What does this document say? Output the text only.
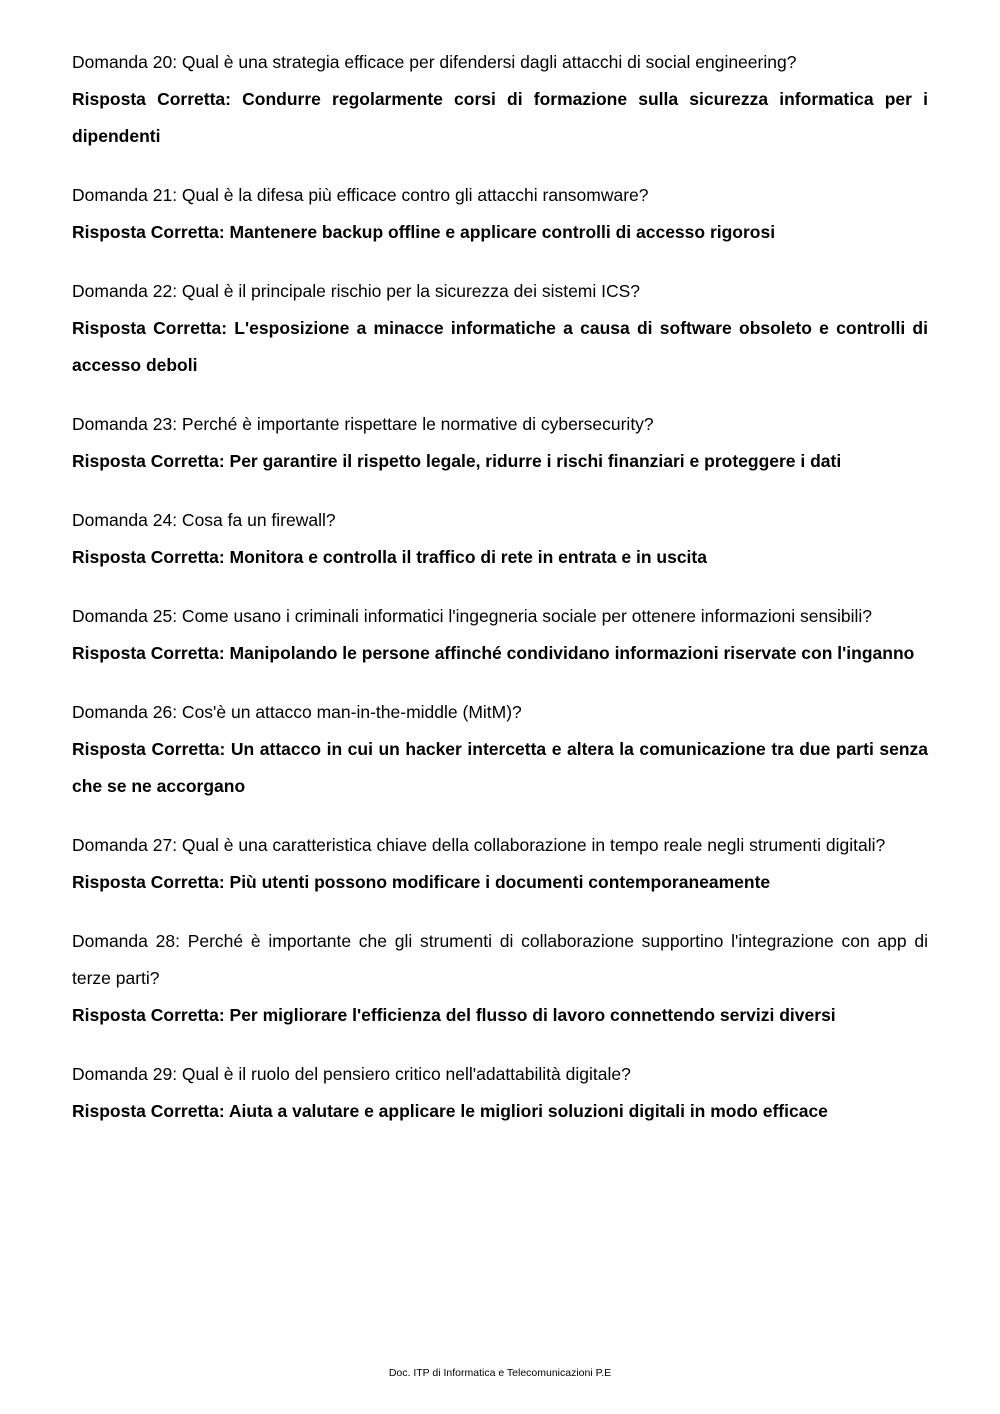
Domanda 20: Qual è una strategia efficace per difendersi dagli attacchi di social engineering?

Risposta Corretta: Condurre regolarmente corsi di formazione sulla sicurezza informatica per i dipendenti

Domanda 21: Qual è la difesa più efficace contro gli attacchi ransomware?

Risposta Corretta: Mantenere backup offline e applicare controlli di accesso rigorosi

Domanda 22: Qual è il principale rischio per la sicurezza dei sistemi ICS?

Risposta Corretta: L'esposizione a minacce informatiche a causa di software obsoleto e controlli di accesso deboli

Domanda 23: Perché è importante rispettare le normative di cybersecurity?

Risposta Corretta: Per garantire il rispetto legale, ridurre i rischi finanziari e proteggere i dati

Domanda 24: Cosa fa un firewall?

Risposta Corretta: Monitora e controlla il traffico di rete in entrata e in uscita

Domanda 25: Come usano i criminali informatici l'ingegneria sociale per ottenere informazioni sensibili?

Risposta Corretta: Manipolando le persone affinché condividano informazioni riservate con l'inganno

Domanda 26: Cos'è un attacco man-in-the-middle (MitM)?

Risposta Corretta: Un attacco in cui un hacker intercetta e altera la comunicazione tra due parti senza che se ne accorgano

Domanda 27: Qual è una caratteristica chiave della collaborazione in tempo reale negli strumenti digitali?

Risposta Corretta: Più utenti possono modificare i documenti contemporaneamente

Domanda 28: Perché è importante che gli strumenti di collaborazione supportino l'integrazione con app di terze parti?

Risposta Corretta: Per migliorare l'efficienza del flusso di lavoro connettendo servizi diversi

Domanda 29: Qual è il ruolo del pensiero critico nell'adattabilità digitale?

Risposta Corretta: Aiuta a valutare e applicare le migliori soluzioni digitali in modo efficace

Doc. ITP di Informatica e Telecomunicazioni P.E
